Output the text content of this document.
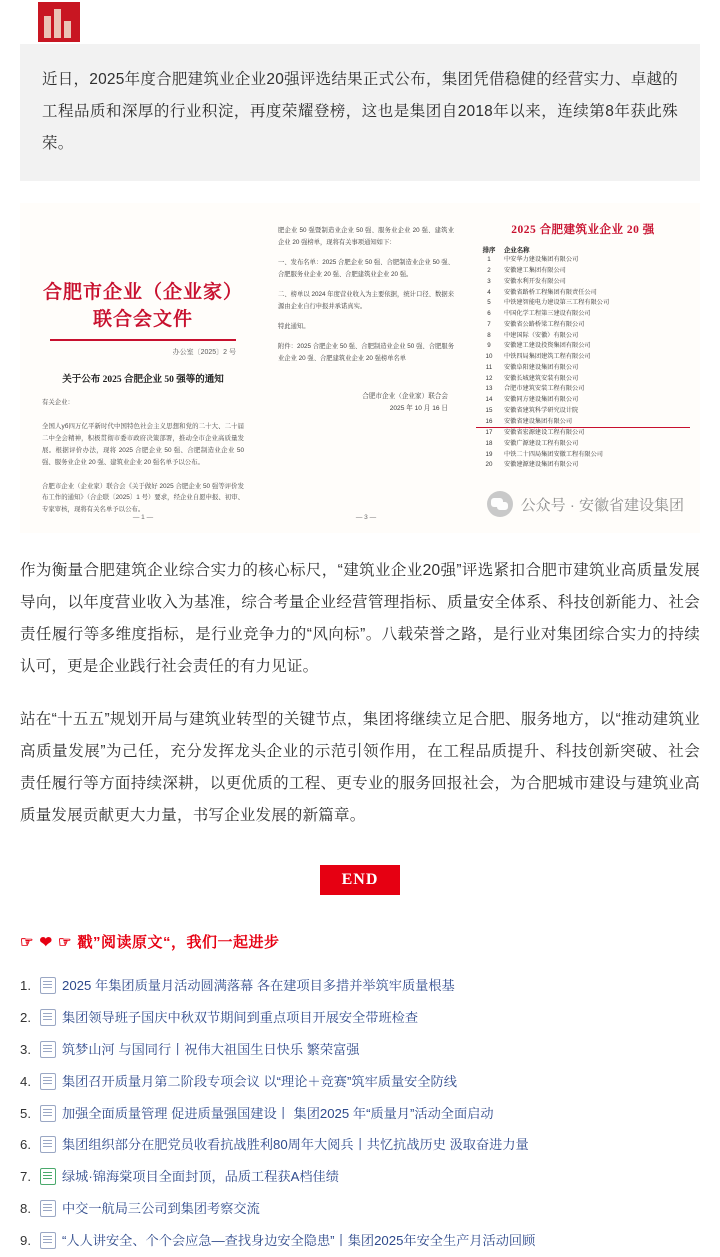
近日，2025年度合肥建筑业企业20强评选结果正式公布，集团凭借稳健的经营实力、卓越的工程品质和深厚的行业积淀，再度荣耀登榜，这也是集团自2018年以来，连续第8年获此殊荣。

合肥市企业（企业家）联合会文件
办公室〔2025〕2 号
关于公布 2025 合肥企业 50 强等的通知
有关企业：
全国人уб四万亿平新时代中国特色社会主义思想和党的二十大、二十届二中全会精神，积极贯彻市委市政府决策部署，推动全市企业高质量发展。根据评价办法，现将 2025 合肥企业 50 强、合肥制造业企业 50 强、服务业企业 20 强、建筑业企业 20 强名单予以公布。
合肥市企业（企业家）联合会《关于做好 2025 合肥企业 50 强等评价发布工作的通知》（合企联〔2025〕1 号）要求，经企业自愿申报、初审、专家审核，现将有关名单予以公布。
— 1 —
肥企业 50 强暨制造业企业 50 强、服务业企业 20 强、建筑业企业 20 强榜单，现将有关事项通知如下：
一、发布名单：2025 合肥企业 50 强、合肥制造业企业 50 强、合肥服务业企业 20 强、合肥建筑业企业 20 强。
二、榜单以 2024 年度营业收入为主要依据，统计口径、数据来源由企业自行申报并承诺真实。
特此通知。
附件：2025 合肥企业 50 强、合肥制造业企业 50 强、合肥服务业企业 20 强、合肥建筑业企业 20 强榜单名单
合肥市企业（企业家）联合会
2025 年 10 月 16 日
— 3 —
2025 合肥建筑业企业 20 强
排序	企业名称
1	中安华力建设集团有限公司
2	安徽建工集团有限公司
3	安徽水利开发有限公司
4	安徽省路桥工程集团有限责任公司
5	中铁建智能电力建设第三工程有限公司
6	中国化学工程第三建设有限公司
7	安徽省公路桥梁工程有限公司
8	中建国际（安徽）有限公司
9	安徽建工建设投资集团有限公司
10	中铁四局集团建筑工程有限公司
11	安徽阜阳建设集团有限公司
12	安徽长城建筑安装有限公司
13	合肥市建筑安装工程有限公司
14	安徽同方建设集团有限公司
15	安徽省建筑科学研究设计院
16	安徽省建设集团有限公司
17	安徽省宏源建设工程有限公司
18	安徽广源建设工程有限公司
19	中铁二十四局集团安徽工程有限公司
20	安徽建源建设集团有限公司
公众号 · 安徽省建设集团
作为衡量合肥建筑企业综合实力的核心标尺，“建筑业企业20强”评选紧扣合肥市建筑业高质量发展导向，以年度营业收入为基准，综合考量企业经营管理指标、质量安全体系、科技创新能力、社会责任履行等多维度指标，是行业竞争力的“风向标”。八载荣誉之路，是行业对集团综合实力的持续认可，更是企业践行社会责任的有力见证。
站在“十五五”规划开局与建筑业转型的关键节点，集团将继续立足合肥、服务地方，以“推动建筑业高质量发展”为己任，充分发挥龙头企业的示范引领作用，在工程品质提升、科技创新突破、社会责任履行等方面持续深耕，以更优质的工程、更专业的服务回报社会，为合肥城市建设与建筑业高质量发展贡献更大力量，书写企业发展的新篇章。
END
☞ ❤ ☞ 戳”阅读原文“，我们一起进步
1.	2025 年集团质量月活动圆满落幕 各在建项目多措并举筑牢质量根基
2.	集团领导班子国庆中秋双节期间到重点项目开展安全带班检查
3.	筑梦山河 与国同行丨祝伟大祖国生日快乐 繁荣富强
4.	集团召开质量月第二阶段专项会议 以“理论＋竞赛”筑牢质量安全防线
5.	加强全面质量管理 促进质量强国建设丨 集团2025 年“质量月”活动全面启动
6.	集团组织部分在肥党员收看抗战胜利80周年大阅兵丨共忆抗战历史 汲取奋进力量
7.	绿城·锦海棠项目全面封顶，品质工程获A档佳绩
8.	中交一航局三公司到集团考察交流
9.	“人人讲安全、个个会应急—查找身边安全隐患”丨集团2025年安全生产月活动回顾
